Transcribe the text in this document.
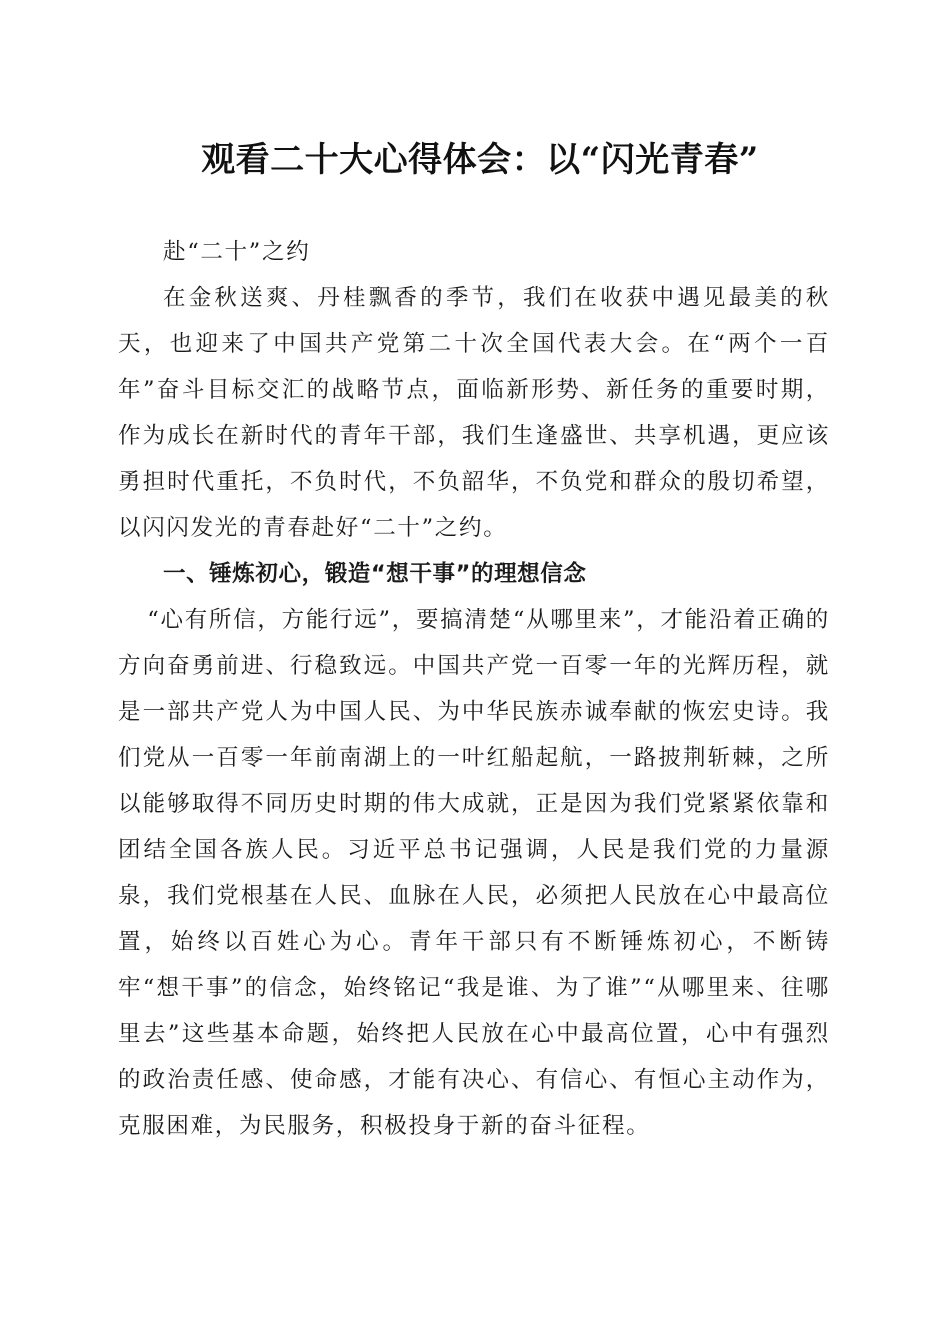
观看二十大心得体会：以“闪光青春”

赴“二十”之约

在金秋送爽、丹桂飘香的季节，我们在收获中遇见最美的秋天，也迎来了中国共产党第二十次全国代表大会。在“两个一百年”奋斗目标交汇的战略节点，面临新形势、新任务的重要时期，作为成长在新时代的青年干部，我们生逢盛世、共享机遇，更应该勇担时代重托，不负时代，不负韶华，不负党和群众的殷切希望，以闪闪发光的青春赴好“二十”之约。

一、锤炼初心，锻造“想干事”的理想信念

“心有所信，方能行远”，要搞清楚“从哪里来”，才能沿着正确的方向奋勇前进、行稳致远。中国共产党一百零一年的光辉历程，就是一部共产党人为中国人民、为中华民族赤诚奉献的恢宏史诗。我们党从一百零一年前南湖上的一叶红船起航，一路披荆斩棘，之所以能够取得不同历史时期的伟大成就，正是因为我们党紧紧依靠和团结全国各族人民。习近平总书记强调，人民是我们党的力量源泉，我们党根基在人民、血脉在人民，必须把人民放在心中最高位置，始终以百姓心为心。青年干部只有不断锤炼初心，不断铸牢“想干事”的信念，始终铭记“我是谁、为了谁”“从哪里来、往哪里去”这些基本命题，始终把人民放在心中最高位置，心中有强烈的政治责任感、使命感，才能有决心、有信心、有恒心主动作为，克服困难，为民服务，积极投身于新的奋斗征程。
